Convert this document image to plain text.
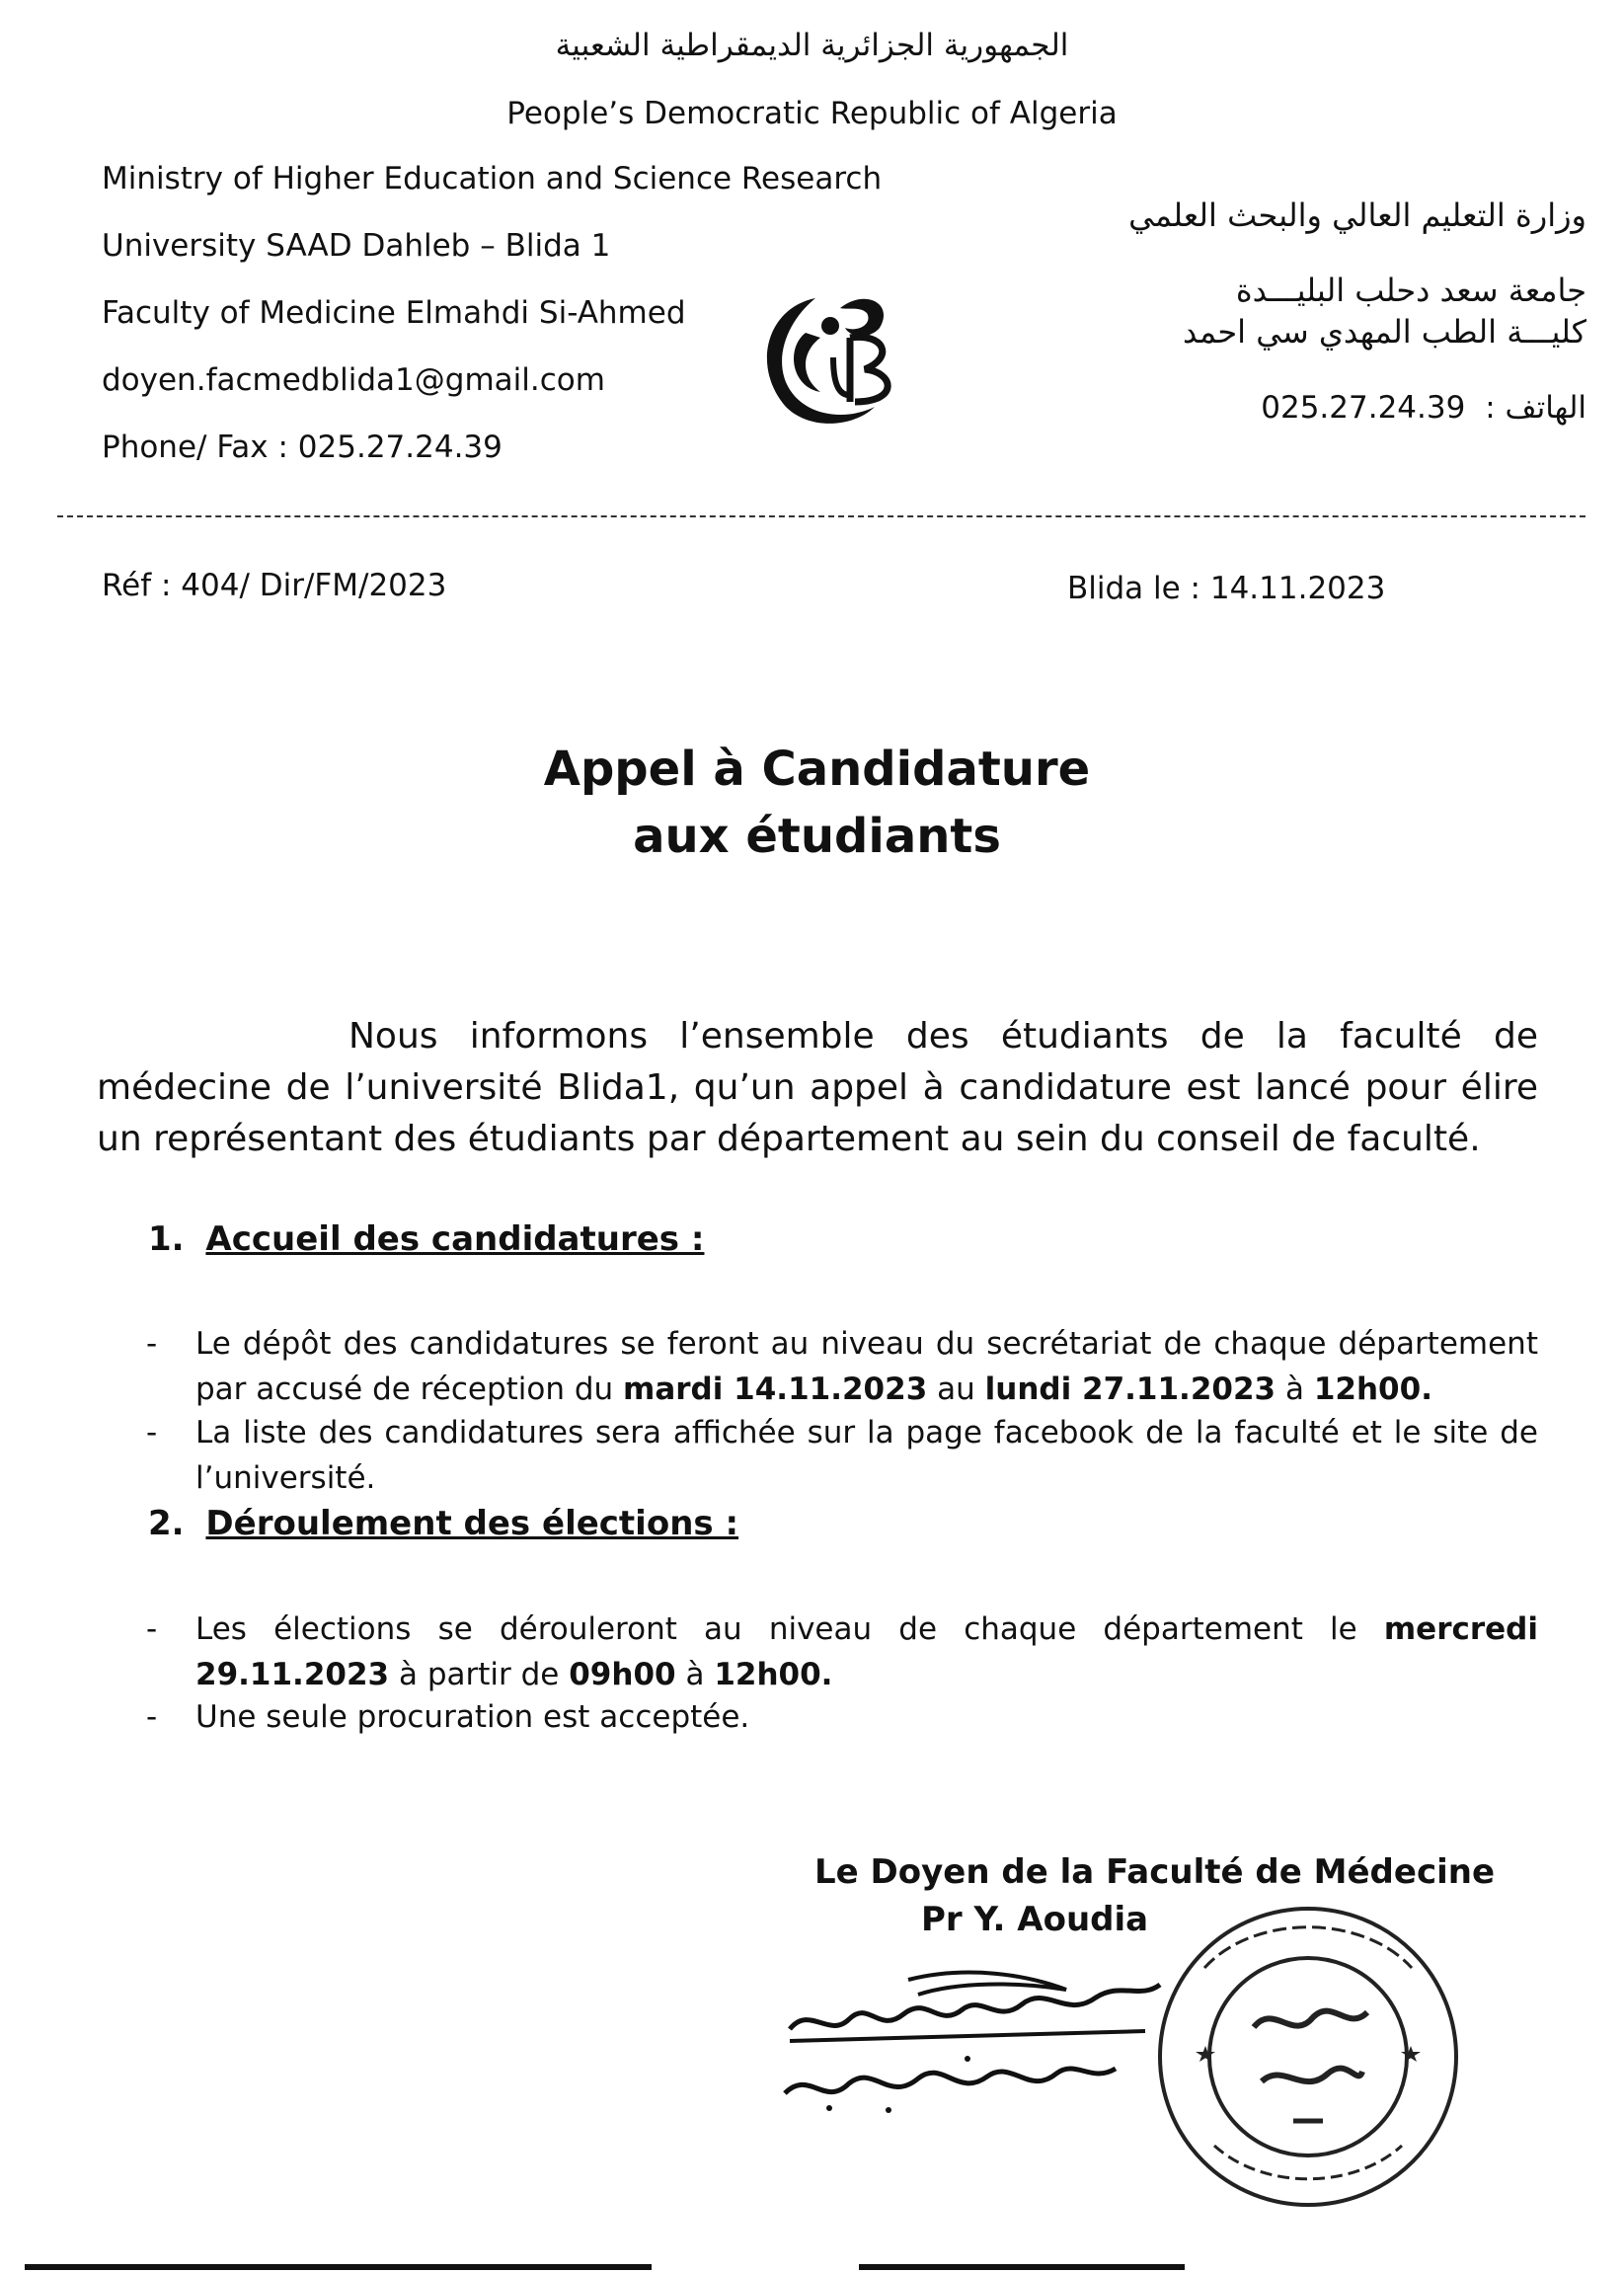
الجمهورية الجزائرية الديمقراطية الشعبية
People’s Democratic Republic of Algeria
Ministry of Higher Education and Science Research
University SAAD Dahleb – Blida 1
Faculty of Medicine Elmahdi Si-Ahmed
doyen.facmedblida1@gmail.com
Phone/ Fax : 025.27.24.39
وزارة التعليم العالي والبحث العلمي
جامعة سعد دحلب البليـــدة
كليـــة الطب المهدي سي احمد
025.27.24.39 الهاتف :
Réf : 404/ Dir/FM/2023	Blida le : 14.11.2023
Appel à Candidature
aux étudiants
Nous informons l’ensemble des étudiants de la faculté de médecine de l’université Blida1, qu’un appel à candidature est lancé pour élire un représentant des étudiants par département au sein du conseil de faculté.
1. Accueil des candidatures :
- Le dépôt des candidatures se feront au niveau du secrétariat de chaque département par accusé de réception du mardi 14.11.2023 au lundi 27.11.2023 à 12h00.
- La liste des candidatures sera affichée sur la page facebook de la faculté et le site de l’université.
2. Déroulement des élections :
- Les élections se dérouleront au niveau de chaque département le mercredi 29.11.2023 à partir de 09h00 à 12h00.
- Une seule procuration est acceptée.
Le Doyen de la Faculté de Médecine
Pr Y. Aoudia
